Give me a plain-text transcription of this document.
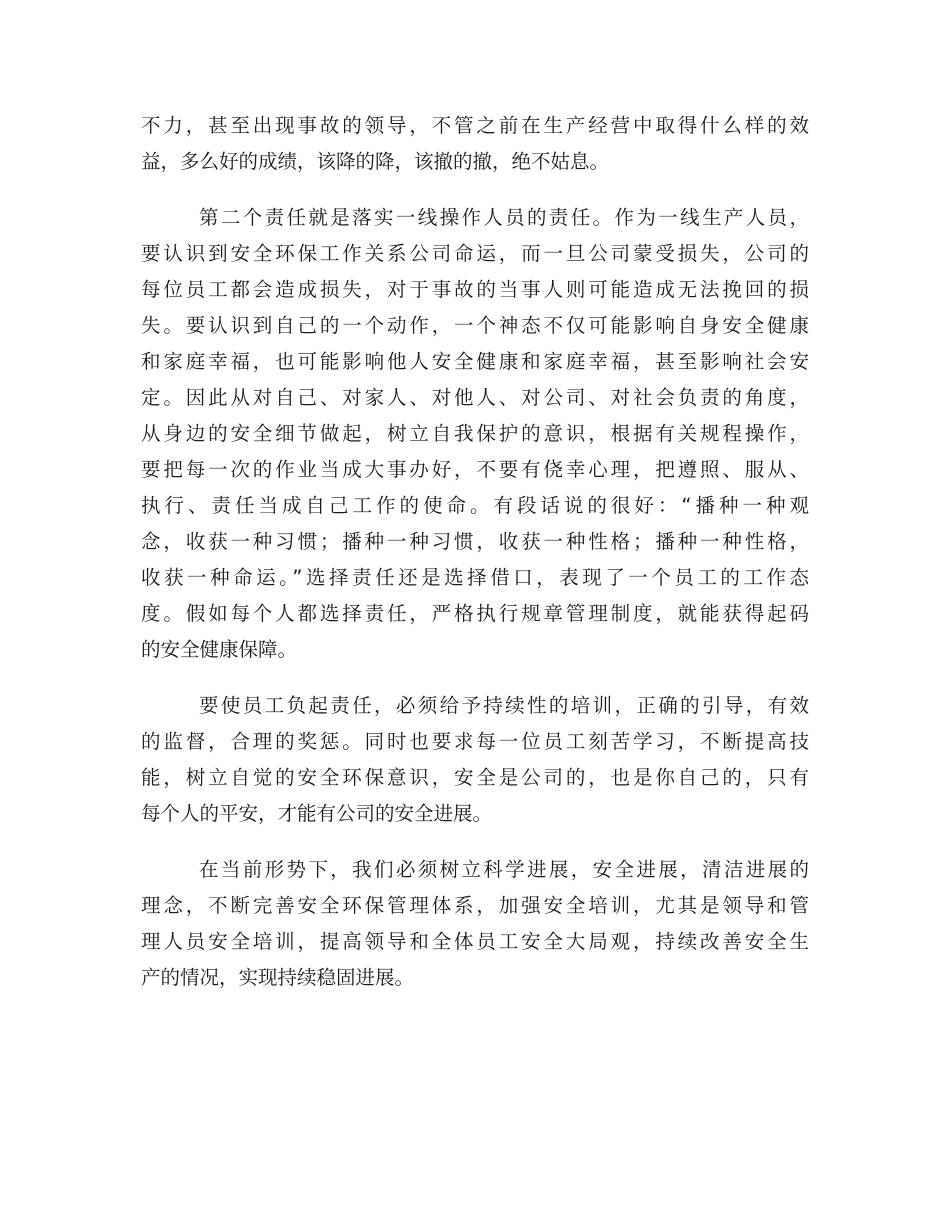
不力，甚至出现事故的领导，不管之前在生产经营中取得什么样的效
益，多么好的成绩，该降的降，该撤的撤，绝不姑息。
第二个责任就是落实一线操作人员的责任。作为一线生产人员，
要认识到安全环保工作关系公司命运，而一旦公司蒙受损失，公司的
每位员工都会造成损失，对于事故的当事人则可能造成无法挽回的损
失。要认识到自己的一个动作，一个神态不仅可能影响自身安全健康
和家庭幸福，也可能影响他人安全健康和家庭幸福，甚至影响社会安
定。因此从对自己、对家人、对他人、对公司、对社会负责的角度，
从身边的安全细节做起，树立自我保护的意识，根据有关规程操作，
要把每一次的作业当成大事办好，不要有侥幸心理，把遵照、服从、
执行、责任当成自己工作的使命。有段话说的很好：“播种一种观
念，收获一种习惯；播种一种习惯，收获一种性格；播种一种性格，
收获一种命运。”选择责任还是选择借口，表现了一个员工的工作态
度。假如每个人都选择责任，严格执行规章管理制度，就能获得起码
的安全健康保障。
要使员工负起责任，必须给予持续性的培训，正确的引导，有效
的监督，合理的奖惩。同时也要求每一位员工刻苦学习，不断提高技
能，树立自觉的安全环保意识，安全是公司的，也是你自己的，只有
每个人的平安，才能有公司的安全进展。
在当前形势下，我们必须树立科学进展，安全进展，清洁进展的
理念，不断完善安全环保管理体系，加强安全培训，尤其是领导和管
理人员安全培训，提高领导和全体员工安全大局观，持续改善安全生
产的情况，实现持续稳固进展。
